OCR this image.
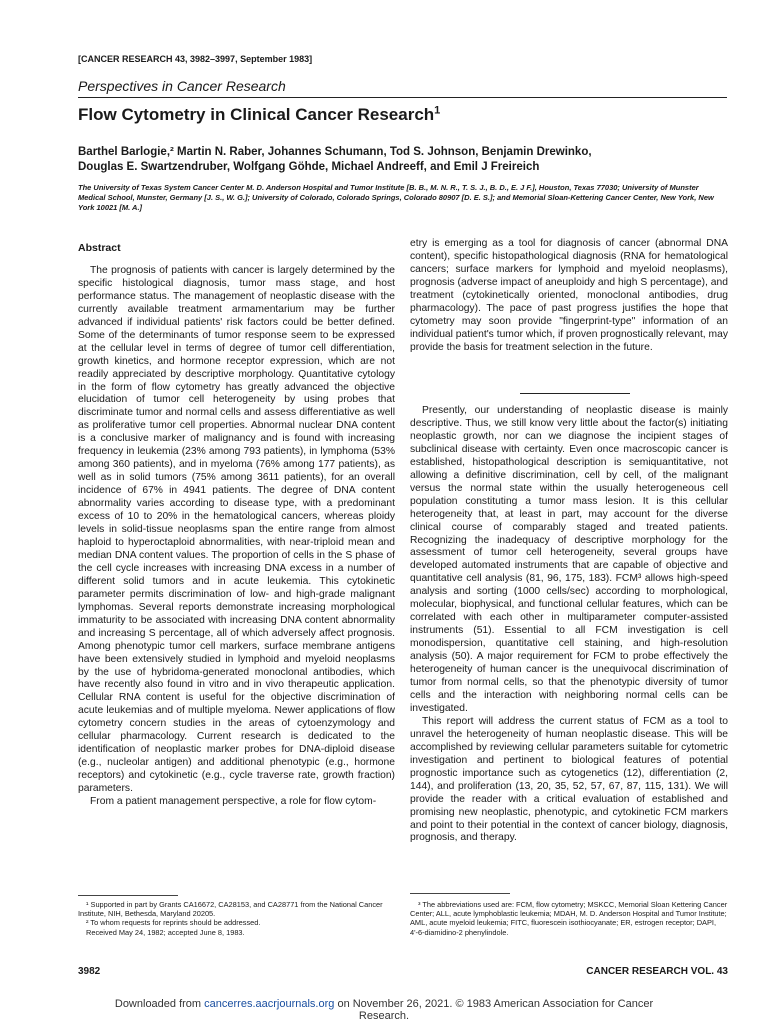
[CANCER RESEARCH 43, 3982–3997, September 1983]
Perspectives in Cancer Research
Flow Cytometry in Clinical Cancer Research$^1$
Barthel Barlogie,² Martin N. Raber, Johannes Schumann, Tod S. Johnson, Benjamin Drewinko,
Douglas E. Swartzendruber, Wolfgang Göhde, Michael Andreeff, and Emil J Freireich
The University of Texas System Cancer Center M. D. Anderson Hospital and Tumor Institute [B. B., M. N. R., T. S. J., B. D., E. J F.], Houston, Texas 77030; University of Munster Medical School, Munster, Germany [J. S., W. G.]; University of Colorado, Colorado Springs, Colorado 80907 [D. E. S.]; and Memorial Sloan-Kettering Cancer Center, New York, New York 10021 [M. A.]

Abstract

The prognosis of patients with cancer is largely determined by the specific histological diagnosis, tumor mass stage, and host performance status. The management of neoplastic disease with the currently available treatment armamentarium may be further advanced if individual patients' risk factors could be better defined. Some of the determinants of tumor response seem to be expressed at the cellular level in terms of degree of tumor cell differentiation, growth kinetics, and hormone receptor expression, which are not readily appreciated by descriptive morphology. Quantitative cytology in the form of flow cytometry has greatly advanced the objective elucidation of tumor cell heterogeneity by using probes that discriminate tumor and normal cells and assess differentiative as well as proliferative tumor cell properties. Abnormal nuclear DNA content is a conclusive marker of malignancy and is found with increasing frequency in leukemia (23% among 793 patients), in lymphoma (53% among 360 patients), and in myeloma (76% among 177 patients), as well as in solid tumors (75% among 3611 patients), for an overall incidence of 67% in 4941 patients. The degree of DNA content abnormality varies according to disease type, with a predominant excess of 10 to 20% in the hematological cancers, whereas ploidy levels in solid-tissue neoplasms span the entire range from almost haploid to hyperoctaploid abnormalities, with near-triploid mean and median DNA content values. The proportion of cells in the S phase of the cell cycle increases with increasing DNA excess in a number of different solid tumors and in acute leukemia. This cytokinetic parameter permits discrimination of low- and high-grade malignant lymphomas. Several reports demonstrate increasing morphological immaturity to be associated with increasing DNA content abnormality and increasing S percentage, all of which adversely affect prognosis. Among phenotypic tumor cell markers, surface membrane antigens have been extensively studied in lymphoid and myeloid neoplasms by the use of hybridoma-generated monoclonal antibodies, which have recently also found in vitro and in vivo therapeutic application. Cellular RNA content is useful for the objective discrimination of acute leukemias and of multiple myeloma. Newer applications of flow cytometry concern studies in the areas of cytoenzymology and cellular pharmacology. Current research is dedicated to the identification of neoplastic marker probes for DNA-diploid disease (e.g., nucleolar antigen) and additional phenotypic (e.g., hormone receptors) and cytokinetic (e.g., cycle traverse rate, growth fraction) parameters.

From a patient management perspective, a role for flow cytom-

etry is emerging as a tool for diagnosis of cancer (abnormal DNA content), specific histopathological diagnosis (RNA for hematological cancers; surface markers for lymphoid and myeloid neoplasms), prognosis (adverse impact of aneuploidy and high S percentage), and treatment (cytokinetically oriented, monoclonal antibodies, drug pharmacology). The pace of past progress justifies the hope that cytometry may soon provide "fingerprint-type" information of an individual patient's tumor which, if proven prognostically relevant, may provide the basis for treatment selection in the future.

Presently, our understanding of neoplastic disease is mainly descriptive. Thus, we still know very little about the factor(s) initiating neoplastic growth, nor can we diagnose the incipient stages of subclinical disease with certainty. Even once macroscopic cancer is established, histopathological description is semiquantitative, not allowing a definitive discrimination, cell by cell, of the malignant versus the normal state within the usually heterogeneous cell population constituting a tumor mass lesion. It is this cellular heterogeneity that, at least in part, may account for the diverse clinical course of comparably staged and treated patients. Recognizing the inadequacy of descriptive morphology for the assessment of tumor cell heterogeneity, several groups have developed automated instruments that are capable of objective and quantitative cell analysis (81, 96, 175, 183). FCM³ allows high-speed analysis and sorting (1000 cells/sec) according to morphological, molecular, biophysical, and functional cellular features, which can be correlated with each other in multiparameter computer-assisted instruments (51). Essential to all FCM investigation is cell monodispersion, quantitative cell staining, and high-resolution analysis (50). A major requirement for FCM to probe effectively the heterogeneity of human cancer is the unequivocal discrimination of tumor from normal cells, so that the phenotypic diversity of tumor cells and the interaction with neighboring normal cells can be investigated.

This report will address the current status of FCM as a tool to unravel the heterogeneity of human neoplastic disease. This will be accomplished by reviewing cellular parameters suitable for cytometric investigation and pertinent to biological features of potential prognostic importance such as cytogenetics (12), differentiation (2, 144), and proliferation (13, 20, 35, 52, 57, 67, 87, 115, 131). We will provide the reader with a critical evaluation of established and promising new neoplastic, phenotypic, and cytokinetic FCM markers and point to their potential in the context of cancer biology, diagnosis, prognosis, and therapy.

¹ Supported in part by Grants CA16672, CA28153, and CA28771 from the National Cancer Institute, NIH, Bethesda, Maryland 20205.

² To whom requests for reprints should be addressed.

Received May 24, 1982; accepted June 8, 1983.

³ The abbreviations used are: FCM, flow cytometry; MSKCC, Memorial Sloan Kettering Cancer Center; ALL, acute lymphoblastic leukemia; MDAH, M. D. Anderson Hospital and Tumor Institute; AML, acute myeloid leukemia; FITC, fluorescein isothiocyanate; ER, estrogen receptor; DAPI, 4'-6-diamidino-2 phenylindole.

3982	CANCER RESEARCH VOL. 43
Downloaded from cancerres.aacrjournals.org on November 26, 2021. © 1983 American Association for Cancer Research.
